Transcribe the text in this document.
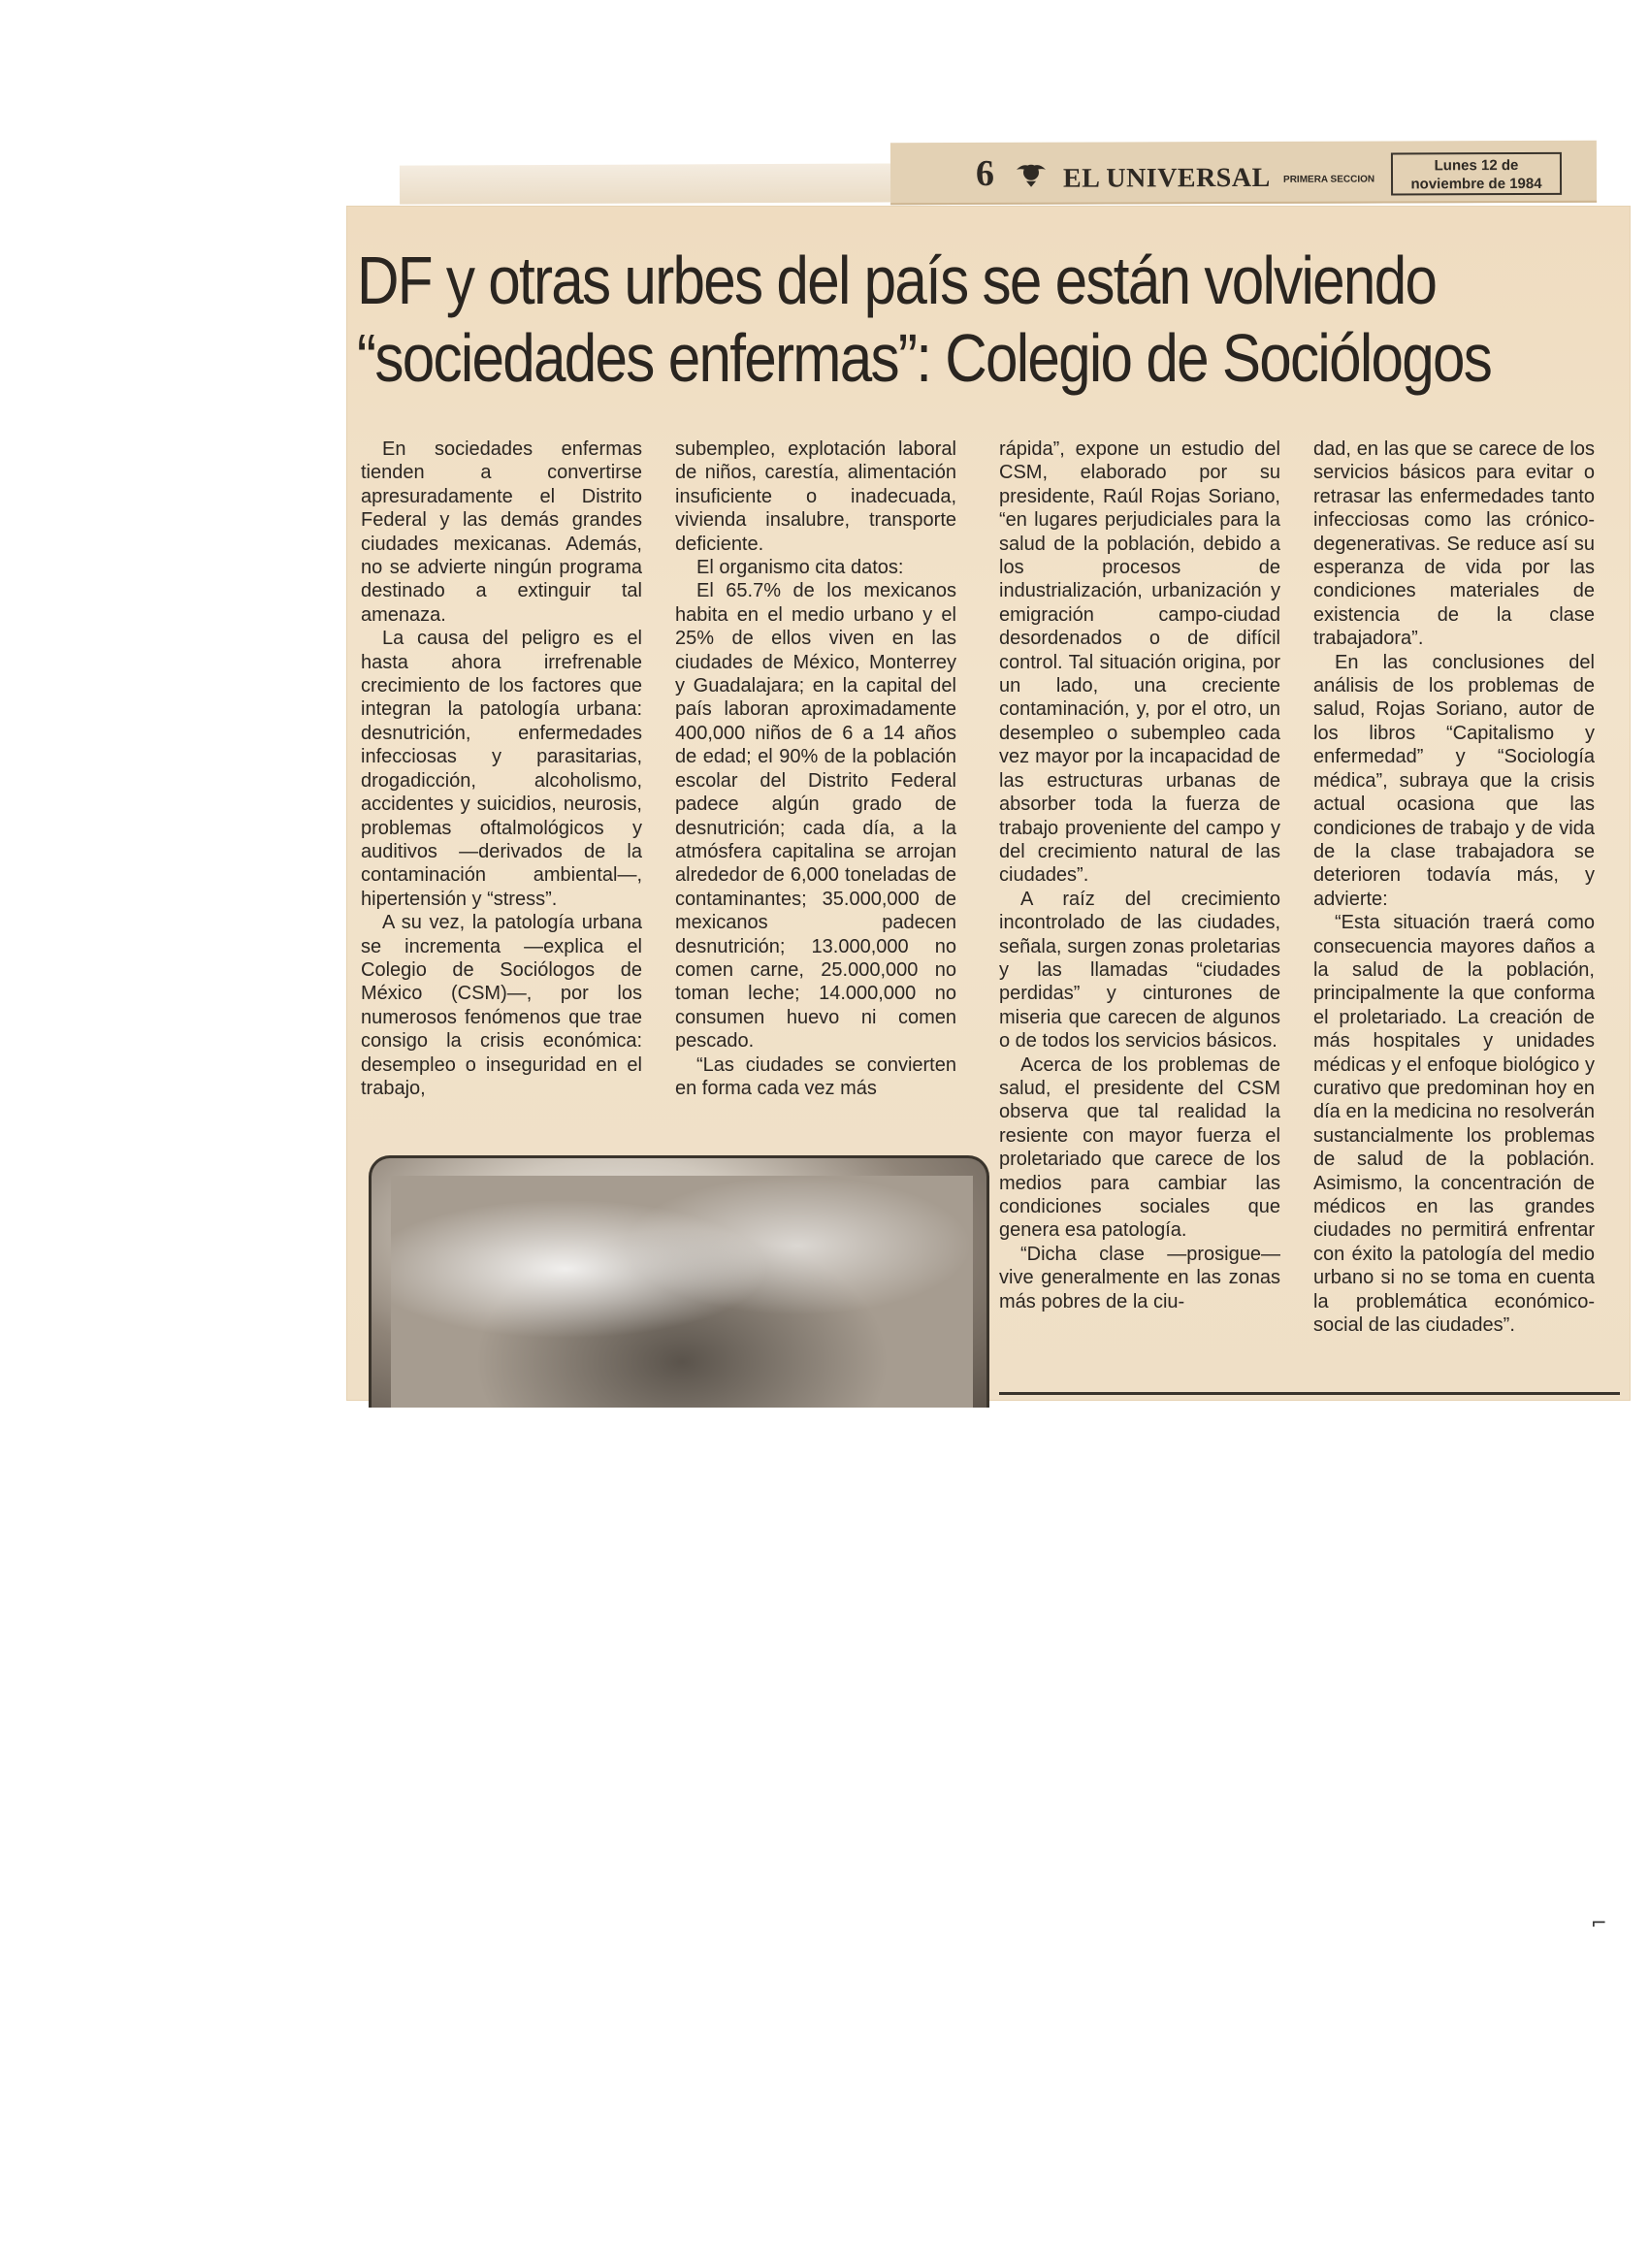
6	EL UNIVERSAL PRIMERA SECCION
Lunes 12 de
noviembre de 1984
DF y otras urbes del país se están volviendo
“sociedades enfermas”: Colegio de Sociólogos

En sociedades enfermas tienden a convertirse apresuradamente el Distrito Federal y las demás grandes ciudades mexicanas. Además, no se advierte ningún programa destinado a extinguir tal amenaza.

La causa del peligro es el hasta ahora irrefrenable crecimiento de los factores que integran la patología urbana: desnutrición, enfermedades infecciosas y parasitarias, drogadicción, alcoholismo, accidentes y suicidios, neurosis, problemas oftalmológicos y auditivos —derivados de la contaminación ambiental—, hipertensión y “stress”.

A su vez, la patología urbana se incrementa —explica el Colegio de Sociólogos de México (CSM)—, por los numerosos fenómenos que trae consigo la crisis económica: desempleo o inseguridad en el trabajo,

subempleo, explotación laboral de niños, carestía, alimentación insuficiente o inadecuada, vivienda insalubre, transporte deficiente.

El organismo cita datos:

El 65.7% de los mexicanos habita en el medio urbano y el 25% de ellos viven en las ciudades de México, Monterrey y Guadalajara; en la capital del país laboran aproximadamente 400,000 niños de 6 a 14 años de edad; el 90% de la población escolar del Distrito Federal padece algún grado de desnutrición; cada día, a la atmósfera capitalina se arrojan alrededor de 6,000 toneladas de contaminantes; 35.000,000 de mexicanos padecen desnutrición; 13.000,000 no comen carne, 25.000,000 no toman leche; 14.000,000 no consumen huevo ni comen pescado.

“Las ciudades se convierten en forma cada vez más

rápida”, expone un estudio del CSM, elaborado por su presidente, Raúl Rojas Soriano, “en lugares perjudiciales para la salud de la población, debido a los procesos de industrialización, urbanización y emigración campo-ciudad desordenados o de difícil control. Tal situación origina, por un lado, una creciente contaminación, y, por el otro, un desempleo o subempleo cada vez mayor por la incapacidad de las estructuras urbanas de absorber toda la fuerza de trabajo proveniente del campo y del crecimiento natural de las ciudades”.

A raíz del crecimiento incontrolado de las ciudades, señala, surgen zonas proletarias y las llamadas “ciudades perdidas” y cinturones de miseria que carecen de algunos o de todos los servicios básicos.

Acerca de los problemas de salud, el presidente del CSM observa que tal realidad la resiente con mayor fuerza el proletariado que carece de los medios para cambiar las condiciones sociales que genera esa patología.

“Dicha clase —prosigue— vive generalmente en las zonas más pobres de la ciu-

dad, en las que se carece de los servicios básicos para evitar o retrasar las enfermedades tanto infecciosas como las crónico-degenerativas. Se reduce así su esperanza de vida por las condiciones materiales de existencia de la clase trabajadora”.

En las conclusiones del análisis de los problemas de salud, Rojas Soriano, autor de los libros “Capitalismo y enfermedad” y “Sociología médica”, subraya que la crisis actual ocasiona que las condiciones de trabajo y de vida de la clase trabajadora se deterioren todavía más, y advierte:

“Esta situación traerá como consecuencia mayores daños a la salud de la población, principalmente la que conforma el proletariado. La creación de más hospitales y unidades médicas y el enfoque biológico y curativo que predominan hoy en día en la medicina no resolverán sustancialmente los problemas de salud de la población. Asimismo, la concentración de médicos en las grandes ciudades no permitirá enfrentar con éxito la patología del medio urbano si no se toma en cuenta la problemática económico-social de las ciudades”.

⌐
